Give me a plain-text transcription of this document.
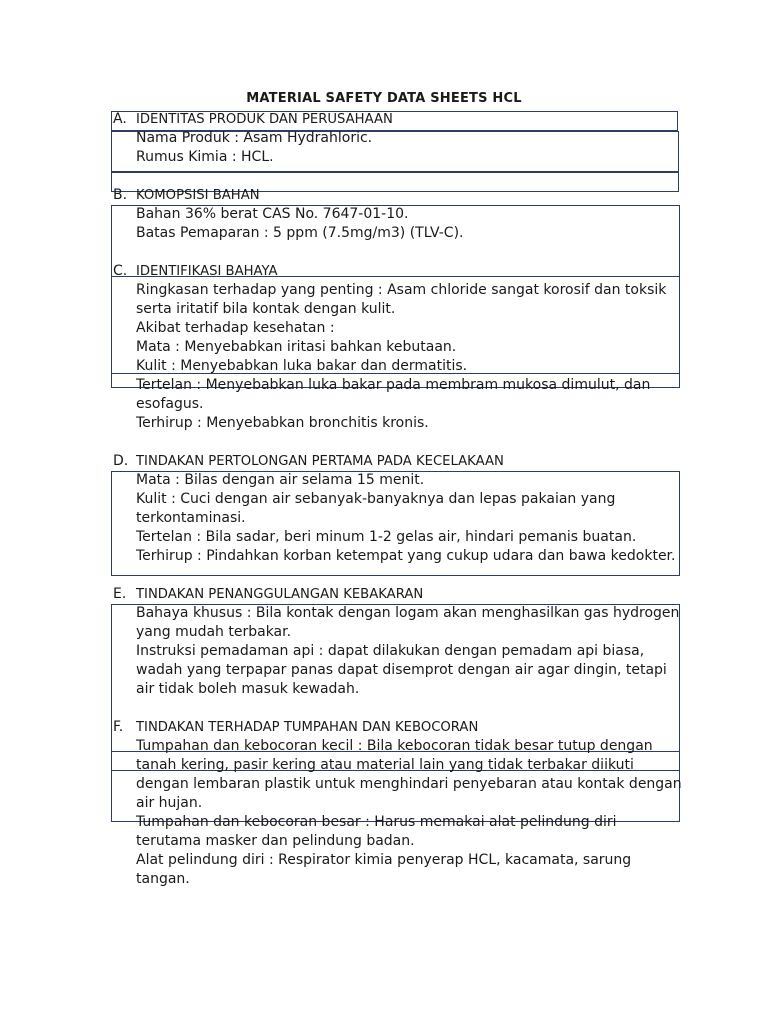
MATERIAL SAFETY DATA SHEETS HCL
A. IDENTITAS PRODUK DAN PERUSAHAAN
Nama Produk : Asam Hydrahloric.
Rumus Kimia : HCL.
B. KOMOPSISI BAHAN
Bahan 36% berat CAS No. 7647-01-10.
Batas Pemaparan : 5 ppm (7.5mg/m3) (TLV-C).
C. IDENTIFIKASI BAHAYA
Ringkasan terhadap yang penting : Asam chloride sangat korosif dan toksik
serta iritatif bila kontak dengan kulit.
Akibat terhadap kesehatan :
Mata : Menyebabkan iritasi bahkan kebutaan.
Kulit : Menyebabkan luka bakar dan dermatitis.
Tertelan : Menyebabkan luka bakar pada membram mukosa dimulut, dan
esofagus.
Terhirup : Menyebabkan bronchitis kronis.
D. TINDAKAN PERTOLONGAN PERTAMA PADA KECELAKAAN
Mata : Bilas dengan air selama 15 menit.
Kulit : Cuci dengan air sebanyak-banyaknya dan lepas pakaian yang
terkontaminasi.
Tertelan : Bila sadar, beri minum 1-2 gelas air, hindari pemanis buatan.
Terhirup : Pindahkan korban ketempat yang cukup udara dan bawa kedokter.
E. TINDAKAN PENANGGULANGAN KEBAKARAN
Bahaya khusus : Bila kontak dengan logam akan menghasilkan gas hydrogen
yang mudah terbakar.
Instruksi pemadaman api : dapat dilakukan dengan pemadam api biasa,
wadah yang terpapar panas dapat disemprot dengan air agar dingin, tetapi
air tidak boleh masuk kewadah.
F. TINDAKAN TERHADAP TUMPAHAN DAN KEBOCORAN
Tumpahan dan kebocoran kecil : Bila kebocoran tidak besar tutup dengan
tanah kering, pasir kering atau material lain yang tidak terbakar diikuti
dengan lembaran plastik untuk menghindari penyebaran atau kontak dengan
air hujan.
Tumpahan dan kebocoran besar : Harus memakai alat pelindung diri
terutama masker dan pelindung badan.
Alat pelindung diri : Respirator kimia penyerap HCL, kacamata, sarung
tangan.
